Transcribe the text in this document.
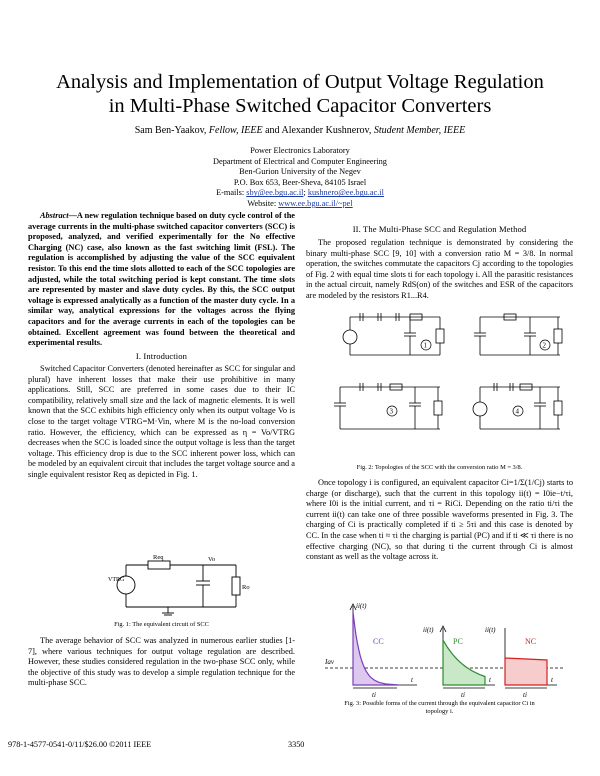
Analysis and Implementation of Output Voltage Regulation
in Multi-Phase Switched Capacitor Converters
Sam Ben-Yaakov, Fellow, IEEE and Alexander Kushnerov, Student Member, IEEE
Power Electronics Laboratory
Department of Electrical and Computer Engineering
Ben-Gurion University of the Negev
P.O. Box 653, Beer-Sheva, 84105 Israel
E-mails: sby@ee.bgu.ac.il; kushnero@ee.bgu.ac.il
Website: www.ee.bgu.ac.il/~pel

Abstract—A new regulation technique based on duty cycle control of the average currents in the multi-phase switched capacitor converters (SCC) is proposed, analyzed, and verified experimentally for the No effective Charging (NC) case, also known as the fast switching limit (FSL). The regulation is accomplished by adjusting the value of the SCC equivalent resistor. To this end the time slots allotted to each of the SCC topologies are adjusted, while the total switching period is kept constant. The time slots are represented by master and slave duty cycles. By this, the SCC output voltage is expressed analytically as a function of the master duty cycle. In a similar way, analytical expressions for the voltages across the flying capacitors and for the average currents in each of the topologies can be obtained. Excellent agreement was found between the theoretical and experimental results.

I. Introduction

Switched Capacitor Converters (denoted hereinafter as SCC for singular and plural) have inherent losses that make their use prohibitive in many applications. Still, SCC are preferred in some cases due to their IC compatibility, relatively small size and the lack of magnetic elements. It is well known that the SCC exhibits high efficiency only when its output voltage Vo is close to the target voltage VTRG=M·Vin, where M is the no-load conversion ratio. However, the efficiency, which can be expressed as η = Vo/VTRG decreases when the SCC is loaded since the output voltage is less than the target voltage. This efficiency drop is due to the SCC inherent power loss, which can be modeled by an equivalent circuit that includes the target voltage source and a single equivalent resistor Req as depicted in Fig. 1.

Req	Vo
VTRG
Ro
Fig. 1: The equivalent circuit of SCC

The average behavior of SCC was analyzed in numerous earlier studies [1-7], where various techniques for output voltage regulation are described. However, these studies considered regulation in the two-phase SCC only, while the objective of this study was to develop a simple regulation technique for the multi-phase SCC.

II. The Multi-Phase SCC and Regulation Method

The proposed regulation technique is demonstrated by considering the binary multi-phase SCC [9, 10] with a conversion ratio M = 3/8. In normal operation, the switches commutate the capacitors Cj according to the topologies of Fig. 2 with equal time slots ti for each topology i. All the parasitic resistances in the actual circuit, namely RdS(on) of the switches and ESR of the capacitors are modeled by the resistors R1...R4.

1	2
3	4
Fig. 2: Topologies of the SCC with the conversion ratio M = 3/8.

Once topology i is configured, an equivalent capacitor Ci=1/Σ(1/Cj) starts to charge (or discharge), such that the current in this topology ii(t) = I0ie−t/τi, where I0i is the initial current, and τi = RiCi. Depending on the ratio ti/τi the current ii(t) can take one of three possible waveforms presented in Fig. 3. The charging of Ci is practically completed if ti ≥ 5τi and this case is denoted by CC. In the case when ti ≈ τi the charging is partial (PC) and if ti ≪ τi there is no effective charging (NC), so that during ti the current through Ci is almost constant as well as the voltage across it.

ii(t)
ii(t)	ii(t)
Iav
CC	PC	NC
t	t	t
ti	ti	ti
Fig. 3: Possible forms of the current through the equivalent capacitor Ci in
topology i.
978-1-4577-0541-0/11/$26.00 ©2011 IEEE	3350
